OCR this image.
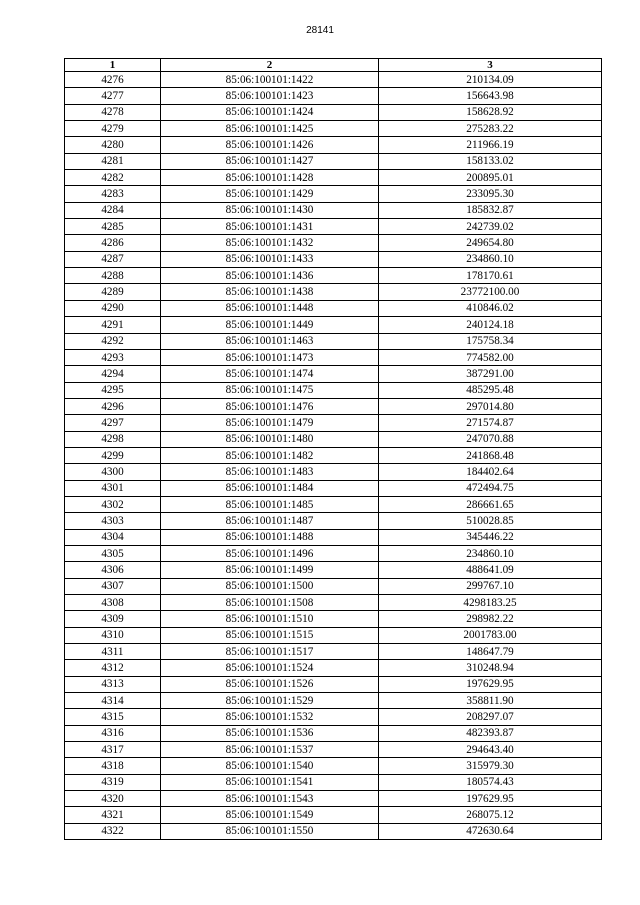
28141
1	2	3
4276	85:06:100101:1422	210134.09
4277	85:06:100101:1423	156643.98
4278	85:06:100101:1424	158628.92
4279	85:06:100101:1425	275283.22
4280	85:06:100101:1426	211966.19
4281	85:06:100101:1427	158133.02
4282	85:06:100101:1428	200895.01
4283	85:06:100101:1429	233095.30
4284	85:06:100101:1430	185832.87
4285	85:06:100101:1431	242739.02
4286	85:06:100101:1432	249654.80
4287	85:06:100101:1433	234860.10
4288	85:06:100101:1436	178170.61
4289	85:06:100101:1438	23772100.00
4290	85:06:100101:1448	410846.02
4291	85:06:100101:1449	240124.18
4292	85:06:100101:1463	175758.34
4293	85:06:100101:1473	774582.00
4294	85:06:100101:1474	387291.00
4295	85:06:100101:1475	485295.48
4296	85:06:100101:1476	297014.80
4297	85:06:100101:1479	271574.87
4298	85:06:100101:1480	247070.88
4299	85:06:100101:1482	241868.48
4300	85:06:100101:1483	184402.64
4301	85:06:100101:1484	472494.75
4302	85:06:100101:1485	286661.65
4303	85:06:100101:1487	510028.85
4304	85:06:100101:1488	345446.22
4305	85:06:100101:1496	234860.10
4306	85:06:100101:1499	488641.09
4307	85:06:100101:1500	299767.10
4308	85:06:100101:1508	4298183.25
4309	85:06:100101:1510	298982.22
4310	85:06:100101:1515	2001783.00
4311	85:06:100101:1517	148647.79
4312	85:06:100101:1524	310248.94
4313	85:06:100101:1526	197629.95
4314	85:06:100101:1529	358811.90
4315	85:06:100101:1532	208297.07
4316	85:06:100101:1536	482393.87
4317	85:06:100101:1537	294643.40
4318	85:06:100101:1540	315979.30
4319	85:06:100101:1541	180574.43
4320	85:06:100101:1543	197629.95
4321	85:06:100101:1549	268075.12
4322	85:06:100101:1550	472630.64
